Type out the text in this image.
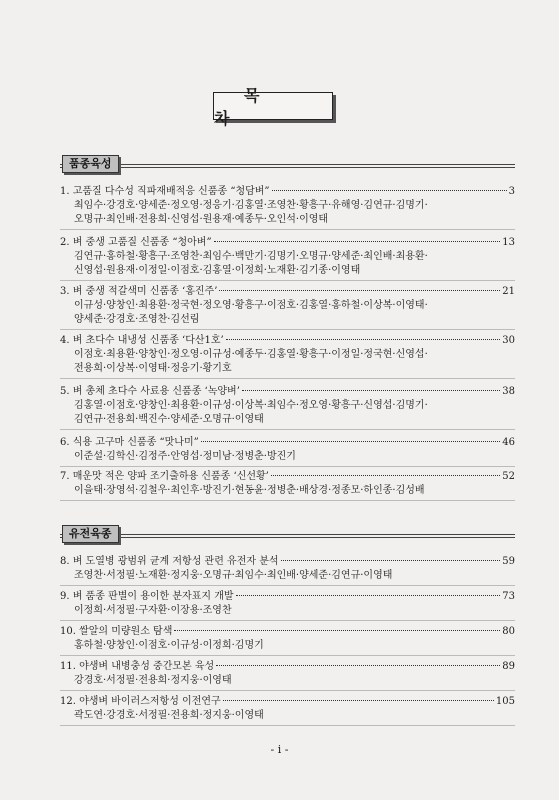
목 차
품종육성
1. 고품질 다수성 직파재배적응 신품종 “청담벼”	3
최임수·강경호·양세준·정오영·정응기·김홍열·조영찬·황흥구·유해영·김연규·김명기·
오명규·최인배·전용희·신영섭·원용재·예종두·오인석·이영태
2. 벼 중생 고품질 신품종 “청아벼”	13
김연규·홍하철·황흥구·조영찬·최임수·백만기·김명기·오명규·양세준·최인배·최용환·
신영섭·원용재·이정일·이점호·김홍열·이정희·노재환·김기종·이영태
3. 벼 중생 적갈색미 신품종 ‘홍진주’	21
이규성·양창인·최용환·정국현·정오영·황흥구·이점호·김홍열·홍하철·이상복·이영태·
양세준·강경호·조영찬·김선림
4. 벼 초다수 내냉성 신품종 ‘다산1호’	30
이점호·최용환·양창인·정오영·이규성·예종두·김홍열·황흥구·이정일·정국현·신영섭·
전용희·이상복·이영태·정응기·황기호
5. 벼 총체 초다수 사료용 신품종 ‘녹양벼’	38
김홍열·이점호·양창인·최용환·이규성·이상복·최임수·정오영·황흥구·신영섭·김명기·
김연규·전용희·백진수·양세준·오명규·이영태
6. 식용 고구마 신품종 “맛나미”	46
이준설·김학신·김정주·안영섭·정미남·정병춘·방진기
7. 매운맛 적은 양파 조기출하용 신품종 ‘신선황’	52
이을태·장영석·김철우·최인후·방진기·현동윤·정병춘·배상경·정종모·하인종·김성배
유전육종
8. 벼 도열병 광범위 균계 저항성 관련 유전자 분석	59
조영찬·서정필·노재환·정지웅·오명규·최임수·최인배·양세준·김연규·이영태
9. 벼 품종 판별이 용이한 분자표지 개발	73
이정희·서정필·구자환·이장용·조영찬
10. 쌀알의 미량원소 탐색	80
홍하철·양창인·이점호·이규성·이정희·김명기
11. 야생벼 내병충성 중간모본 육성	89
강경호·서정필·전용희·정지웅·이영태
12. 야생벼 바이러스저항성 이전연구	105
곽도연·강경호·서정필·전용희·정지웅·이영태
- i -
